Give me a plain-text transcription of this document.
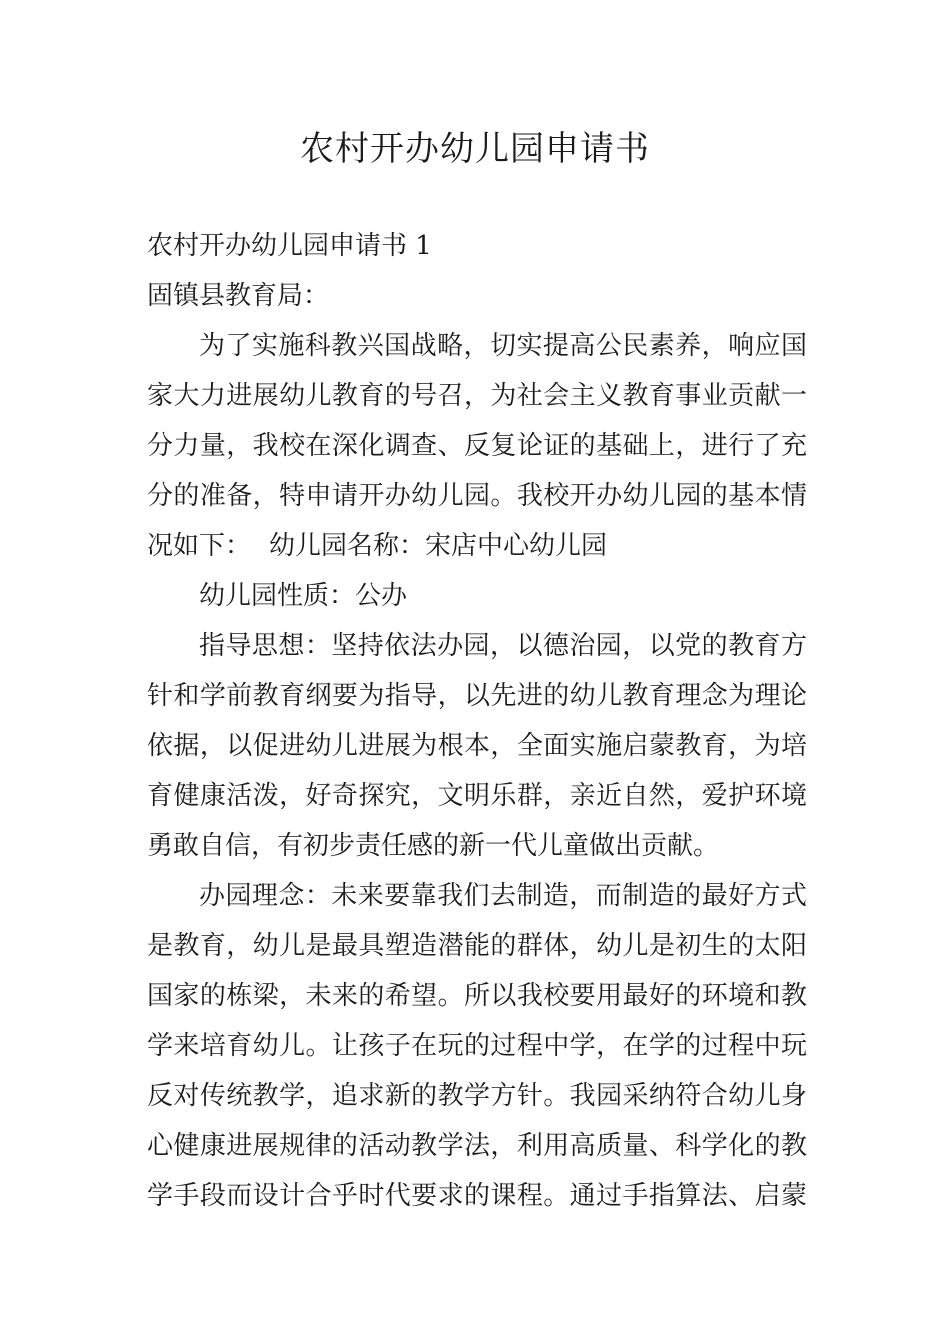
农村开办幼儿园申请书

农村开办幼儿园申请书 1

固镇县教育局：

为了实施科教兴国战略，切实提高公民素养，响应国

家大力进展幼儿教育的号召，为社会主义教育事业贡献一

分力量，我校在深化调查、反复论证的基础上，进行了充

分的准备，特申请开办幼儿园。我校开办幼儿园的基本情

况如下： 幼儿园名称：宋店中心幼儿园

幼儿园性质：公办

指导思想：坚持依法办园，以德治园，以党的教育方

针和学前教育纲要为指导，以先进的幼儿教育理念为理论

依据，以促进幼儿进展为根本，全面实施启蒙教育，为培

育健康活泼，好奇探究，文明乐群，亲近自然，爱护环境

勇敢自信，有初步责任感的新一代儿童做出贡献。

办园理念：未来要靠我们去制造，而制造的最好方式

是教育，幼儿是最具塑造潜能的群体，幼儿是初生的太阳

国家的栋梁，未来的希望。所以我校要用最好的环境和教

学来培育幼儿。让孩子在玩的过程中学，在学的过程中玩

反对传统教学，追求新的教学方针。我园采纳符合幼儿身

心健康进展规律的活动教学法，利用高质量、科学化的教

学手段而设计合乎时代要求的课程。通过手指算法、启蒙
